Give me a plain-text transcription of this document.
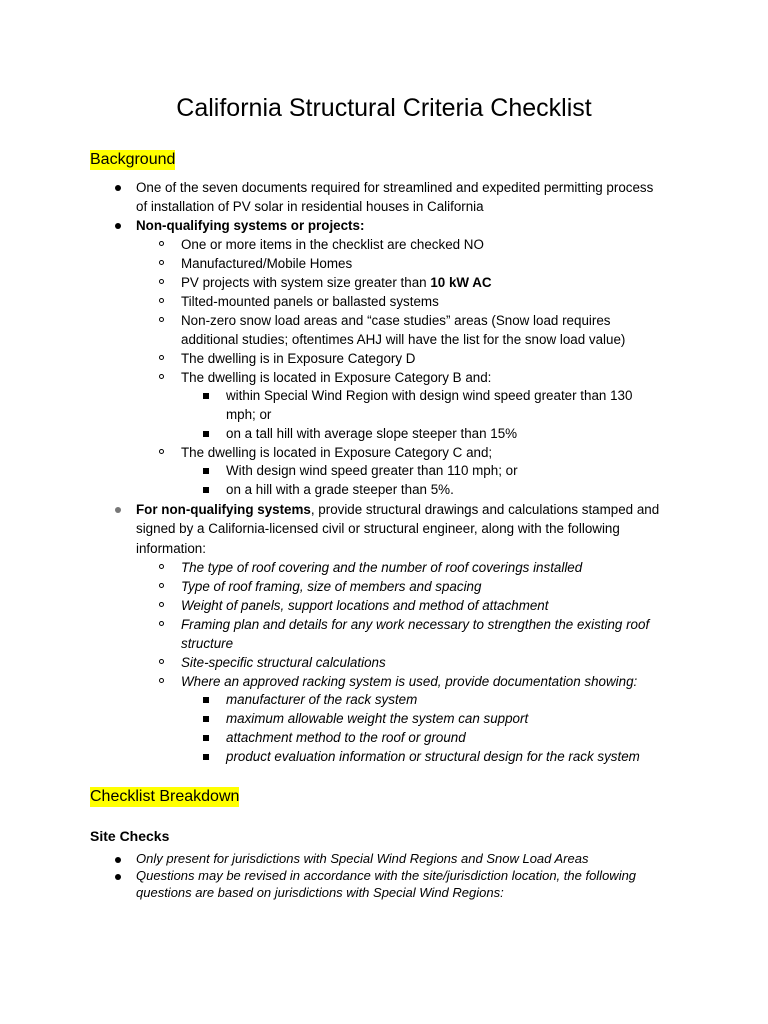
California Structural Criteria Checklist
Background
One of the seven documents required for streamlined and expedited permitting process
of installation of PV solar in residential houses in California
Non-qualifying systems or projects:
One or more items in the checklist are checked NO
Manufactured/Mobile Homes
PV projects with system size greater than 10 kW AC
Tilted-mounted panels or ballasted systems
Non-zero snow load areas and “case studies” areas (Snow load requires
additional studies; oftentimes AHJ will have the list for the snow load value)
The dwelling is in Exposure Category D
The dwelling is located in Exposure Category B and:
within Special Wind Region with design wind speed greater than 130
mph; or
on a tall hill with average slope steeper than 15%
The dwelling is located in Exposure Category C and;
With design wind speed greater than 110 mph; or
on a hill with a grade steeper than 5%.
For non-qualifying systems, provide structural drawings and calculations stamped and
signed by a California-licensed civil or structural engineer, along with the following
information:
The type of roof covering and the number of roof coverings installed
Type of roof framing, size of members and spacing
Weight of panels, support locations and method of attachment
Framing plan and details for any work necessary to strengthen the existing roof
structure
Site-specific structural calculations
Where an approved racking system is used, provide documentation showing:
manufacturer of the rack system
maximum allowable weight the system can support
attachment method to the roof or ground
product evaluation information or structural design for the rack system
Checklist Breakdown
Site Checks
Only present for jurisdictions with Special Wind Regions and Snow Load Areas
Questions may be revised in accordance with the site/jurisdiction location, the following
questions are based on jurisdictions with Special Wind Regions:
